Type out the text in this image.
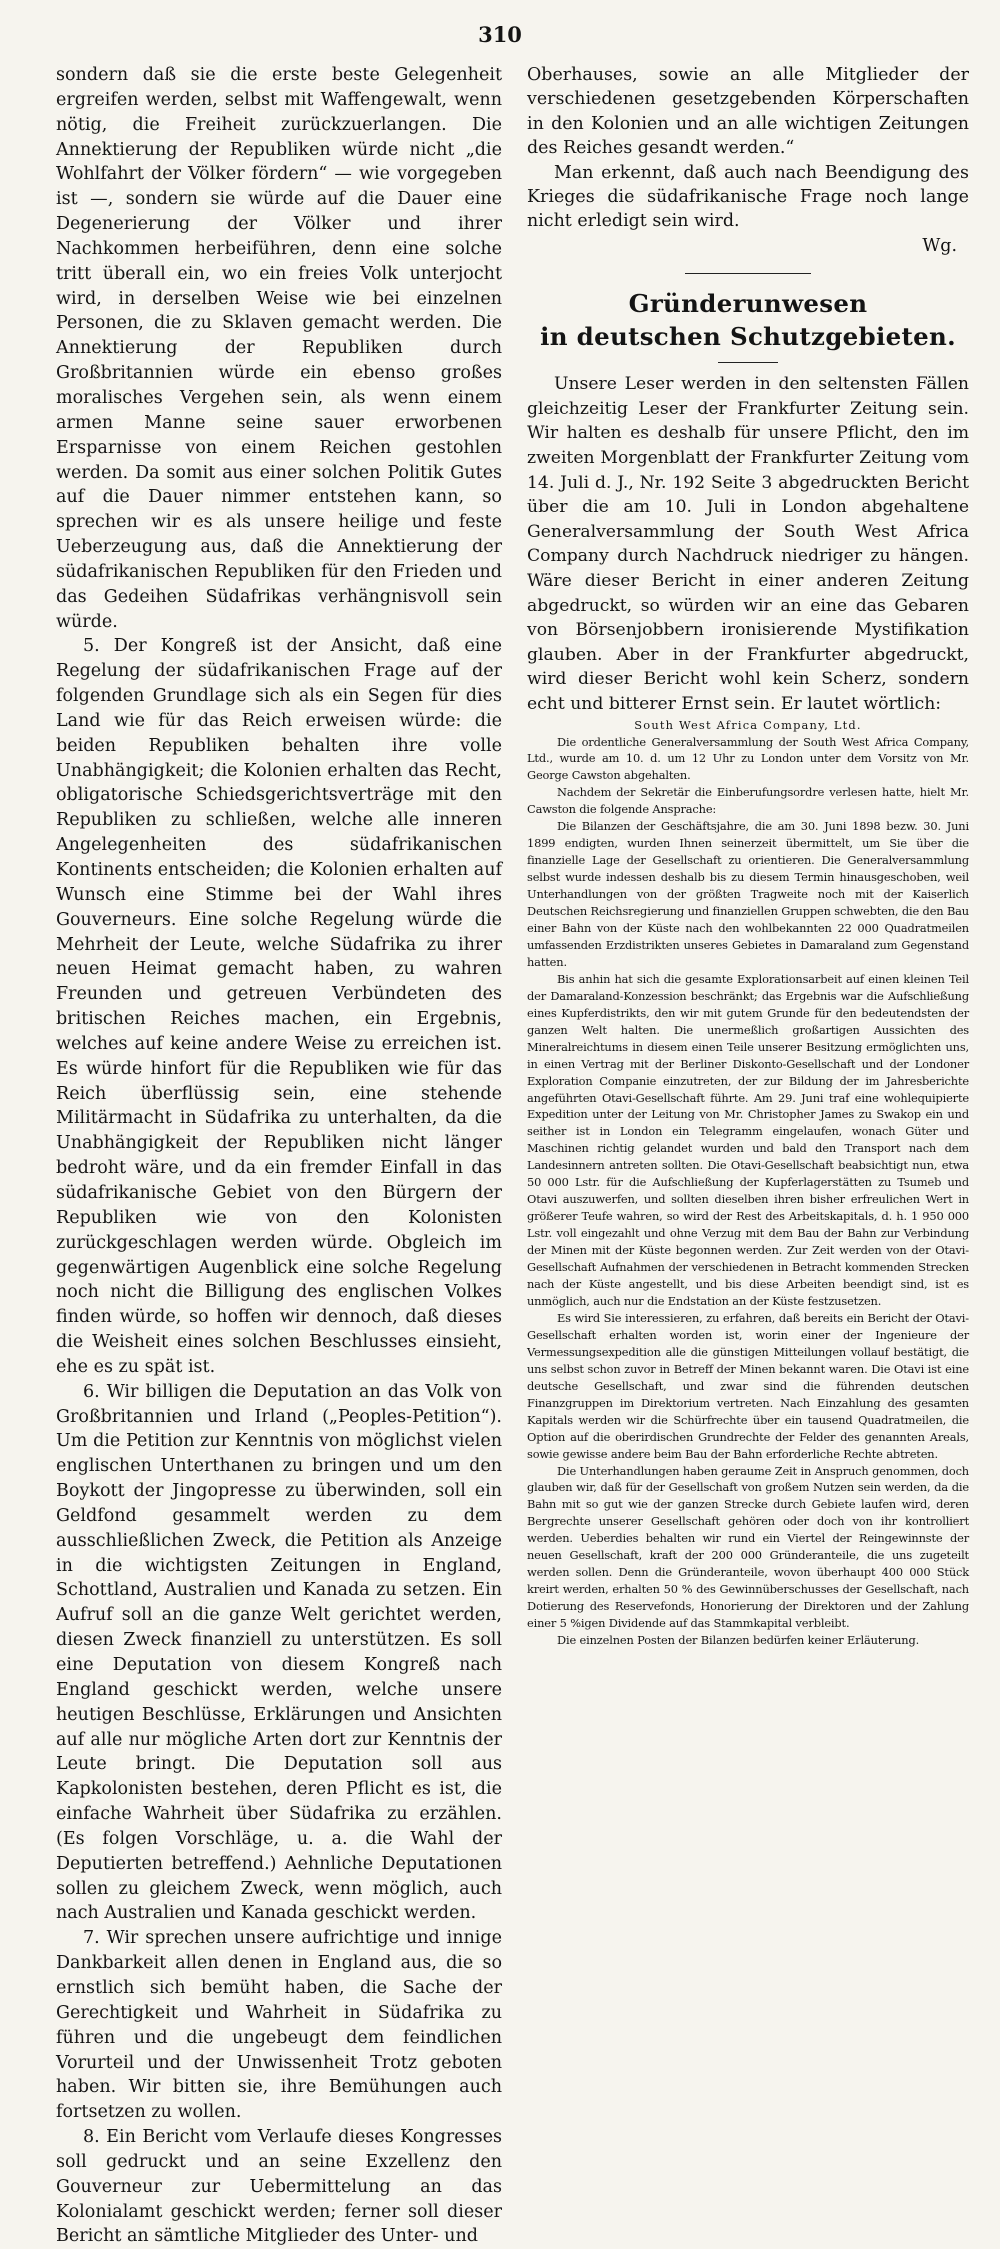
310

sondern daß sie die erste beste Gelegenheit ergreifen werden, selbst mit Waffengewalt, wenn nötig, die Freiheit zurückzuerlangen. Die Annektierung der Republiken würde nicht „die Wohlfahrt der Völker fördern“ — wie vorgegeben ist —, sondern sie würde auf die Dauer eine Degenerierung der Völker und ihrer Nachkommen herbeiführen, denn eine solche tritt überall ein, wo ein freies Volk unterjocht wird, in derselben Weise wie bei einzelnen Personen, die zu Sklaven gemacht werden. Die Annektierung der Republiken durch Großbritannien würde ein ebenso großes moralisches Vergehen sein, als wenn einem armen Manne seine sauer erworbenen Ersparnisse von einem Reichen gestohlen werden. Da somit aus einer solchen Politik Gutes auf die Dauer nimmer entstehen kann, so sprechen wir es als unsere heilige und feste Ueberzeugung aus, daß die Annektierung der südafrikanischen Republiken für den Frieden und das Gedeihen Südafrikas verhängnisvoll sein würde.

5. Der Kongreß ist der Ansicht, daß eine Regelung der südafrikanischen Frage auf der folgenden Grundlage sich als ein Segen für dies Land wie für das Reich erweisen würde: die beiden Republiken behalten ihre volle Unabhängigkeit; die Kolonien erhalten das Recht, obligatorische Schiedsgerichtsverträge mit den Republiken zu schließen, welche alle inneren Angelegenheiten des südafrikanischen Kontinents entscheiden; die Kolonien erhalten auf Wunsch eine Stimme bei der Wahl ihres Gouverneurs. Eine solche Regelung würde die Mehrheit der Leute, welche Südafrika zu ihrer neuen Heimat gemacht haben, zu wahren Freunden und getreuen Verbündeten des britischen Reiches machen, ein Ergebnis, welches auf keine andere Weise zu erreichen ist. Es würde hinfort für die Republiken wie für das Reich überflüssig sein, eine stehende Militärmacht in Südafrika zu unterhalten, da die Unabhängigkeit der Republiken nicht länger bedroht wäre, und da ein fremder Einfall in das südafrikanische Gebiet von den Bürgern der Republiken wie von den Kolonisten zurückgeschlagen werden würde. Obgleich im gegenwärtigen Augenblick eine solche Regelung noch nicht die Billigung des englischen Volkes finden würde, so hoffen wir dennoch, daß dieses die Weisheit eines solchen Beschlusses einsieht, ehe es zu spät ist.

6. Wir billigen die Deputation an das Volk von Großbritannien und Irland („Peoples-Petition“). Um die Petition zur Kenntnis von möglichst vielen englischen Unterthanen zu bringen und um den Boykott der Jingopresse zu überwinden, soll ein Geldfond gesammelt werden zu dem ausschließlichen Zweck, die Petition als Anzeige in die wichtigsten Zeitungen in England, Schottland, Australien und Kanada zu setzen. Ein Aufruf soll an die ganze Welt gerichtet werden, diesen Zweck finanziell zu unterstützen. Es soll eine Deputation von diesem Kongreß nach England geschickt werden, welche unsere heutigen Beschlüsse, Erklärungen und Ansichten auf alle nur mögliche Arten dort zur Kenntnis der Leute bringt. Die Deputation soll aus Kapkolonisten bestehen, deren Pflicht es ist, die einfache Wahrheit über Südafrika zu erzählen. (Es folgen Vorschläge, u. a. die Wahl der Deputierten betreffend.) Aehnliche Deputationen sollen zu gleichem Zweck, wenn möglich, auch nach Australien und Kanada geschickt werden.

7. Wir sprechen unsere aufrichtige und innige Dankbarkeit allen denen in England aus, die so ernstlich sich bemüht haben, die Sache der Gerechtigkeit und Wahrheit in Südafrika zu führen und die ungebeugt dem feindlichen Vorurteil und der Unwissenheit Trotz geboten haben. Wir bitten sie, ihre Bemühungen auch fortsetzen zu wollen.

8. Ein Bericht vom Verlaufe dieses Kongresses soll gedruckt und an seine Exzellenz den Gouverneur zur Uebermittelung an das Kolonialamt geschickt werden; ferner soll dieser Bericht an sämtliche Mitglieder des Unter- und

Oberhauses, sowie an alle Mitglieder der verschiedenen gesetzgebenden Körperschaften in den Kolonien und an alle wichtigen Zeitungen des Reiches gesandt werden.“

Man erkennt, daß auch nach Beendigung des Krieges die südafrikanische Frage noch lange nicht erledigt sein wird.

Wg.

Gründerunwesen
in deutschen Schutzgebieten.

Unsere Leser werden in den seltensten Fällen gleichzeitig Leser der Frankfurter Zeitung sein. Wir halten es deshalb für unsere Pflicht, den im zweiten Morgenblatt der Frankfurter Zeitung vom 14. Juli d. J., Nr. 192 Seite 3 abgedruckten Bericht über die am 10. Juli in London abgehaltene Generalversammlung der South West Africa Company durch Nachdruck niedriger zu hängen. Wäre dieser Bericht in einer anderen Zeitung abgedruckt, so würden wir an eine das Gebaren von Börsenjobbern ironisierende Mystifikation glauben. Aber in der Frankfurter abgedruckt, wird dieser Bericht wohl kein Scherz, sondern echt und bitterer Ernst sein. Er lautet wörtlich:

South West Africa Company, Ltd.

Die ordentliche Generalversammlung der South West Africa Company, Ltd., wurde am 10. d. um 12 Uhr zu London unter dem Vorsitz von Mr. George Cawston abgehalten.

Nachdem der Sekretär die Einberufungsordre verlesen hatte, hielt Mr. Cawston die folgende Ansprache:

Die Bilanzen der Geschäftsjahre, die am 30. Juni 1898 bezw. 30. Juni 1899 endigten, wurden Ihnen seinerzeit übermittelt, um Sie über die finanzielle Lage der Gesellschaft zu orientieren. Die Generalversammlung selbst wurde indessen deshalb bis zu diesem Termin hinausgeschoben, weil Unterhandlungen von der größten Tragweite noch mit der Kaiserlich Deutschen Reichsregierung und finanziellen Gruppen schwebten, die den Bau einer Bahn von der Küste nach den wohlbekannten 22 000 Quadratmeilen umfassenden Erzdistrikten unseres Gebietes in Damaraland zum Gegenstand hatten.

Bis anhin hat sich die gesamte Explorationsarbeit auf einen kleinen Teil der Damaraland-Konzession beschränkt; das Ergebnis war die Aufschließung eines Kupferdistrikts, den wir mit gutem Grunde für den bedeutendsten der ganzen Welt halten. Die unermeßlich großartigen Aussichten des Mineralreichtums in diesem einen Teile unserer Besitzung ermöglichten uns, in einen Vertrag mit der Berliner Diskonto-Gesellschaft und der Londoner Exploration Companie einzutreten, der zur Bildung der im Jahresberichte angeführten Otavi-Gesellschaft führte. Am 29. Juni traf eine wohlequipierte Expedition unter der Leitung von Mr. Christopher James zu Swakop ein und seither ist in London ein Telegramm eingelaufen, wonach Güter und Maschinen richtig gelandet wurden und bald den Transport nach dem Landesinnern antreten sollten. Die Otavi-Gesellschaft beabsichtigt nun, etwa 50 000 Lstr. für die Aufschließung der Kupferlagerstätten zu Tsumeb und Otavi auszuwerfen, und sollten dieselben ihren bisher erfreulichen Wert in größerer Teufe wahren, so wird der Rest des Arbeitskapitals, d. h. 1 950 000 Lstr. voll eingezahlt und ohne Verzug mit dem Bau der Bahn zur Verbindung der Minen mit der Küste begonnen werden. Zur Zeit werden von der Otavi-Gesellschaft Aufnahmen der verschiedenen in Betracht kommenden Strecken nach der Küste angestellt, und bis diese Arbeiten beendigt sind, ist es unmöglich, auch nur die Endstation an der Küste festzusetzen.

Es wird Sie interessieren, zu erfahren, daß bereits ein Bericht der Otavi-Gesellschaft erhalten worden ist, worin einer der Ingenieure der Vermessungsexpedition alle die günstigen Mitteilungen vollauf bestätigt, die uns selbst schon zuvor in Betreff der Minen bekannt waren. Die Otavi ist eine deutsche Gesellschaft, und zwar sind die führenden deutschen Finanzgruppen im Direktorium vertreten. Nach Einzahlung des gesamten Kapitals werden wir die Schürfrechte über ein tausend Quadratmeilen, die Option auf die oberirdischen Grundrechte der Felder des genannten Areals, sowie gewisse andere beim Bau der Bahn erforderliche Rechte abtreten.

Die Unterhandlungen haben geraume Zeit in Anspruch genommen, doch glauben wir, daß für der Gesellschaft von großem Nutzen sein werden, da die Bahn mit so gut wie der ganzen Strecke durch Gebiete laufen wird, deren Bergrechte unserer Gesellschaft gehören oder doch von ihr kontrolliert werden. Ueberdies behalten wir rund ein Viertel der Reingewinnste der neuen Gesellschaft, kraft der 200 000 Gründeranteile, die uns zugeteilt werden sollen. Denn die Gründeranteile, wovon überhaupt 400 000 Stück kreirt werden, erhalten 50 % des Gewinnüberschusses der Gesellschaft, nach Dotierung des Reservefonds, Honorierung der Direktoren und der Zahlung einer 5 %igen Dividende auf das Stammkapital verbleibt.

Die einzelnen Posten der Bilanzen bedürfen keiner Erläuterung.
